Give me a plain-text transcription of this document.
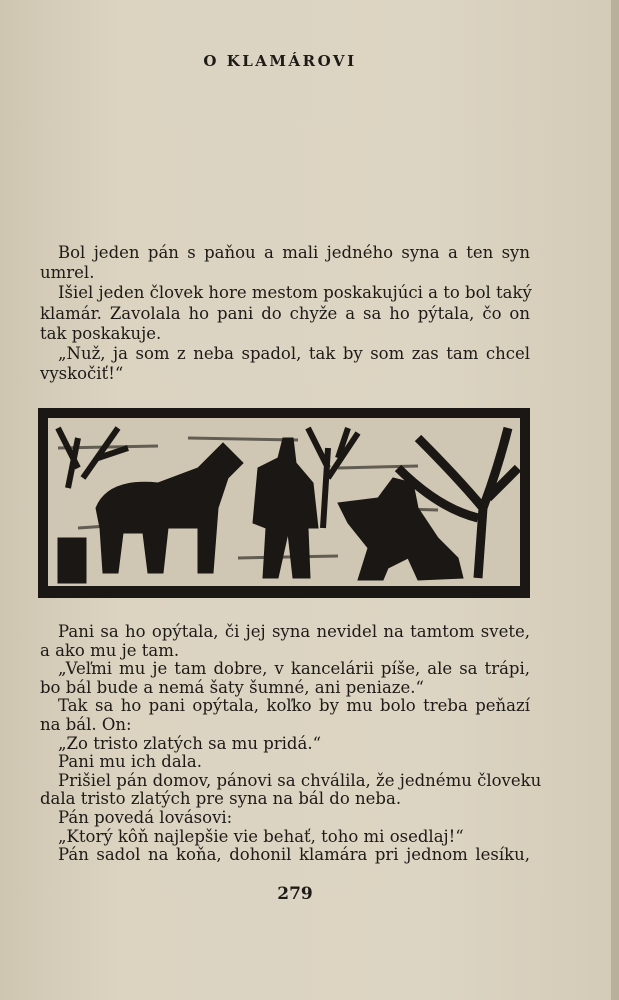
O KLAMÁROVI
Bol jeden pán s paňou a mali jedného syna a ten syn
umrel.
Išiel jeden človek hore mestom poskakujúci a to bol taký
klamár. Zavolala ho pani do chyže a sa ho pýtala, čo on
tak poskakuje.
„Nuž, ja som z neba spadol, tak by som zas tam chcel
vyskočiť!“
Pani sa ho opýtala, či jej syna nevidel na tamtom svete,
a ako mu je tam.
„Veľmi mu je tam dobre, v kancelárii píše, ale sa trápi,
bo bál bude a nemá šaty šumné, ani peniaze.“
Tak sa ho pani opýtala, koľko by mu bolo treba peňazí
na bál. On:
„Zo tristo zlatých sa mu pridá.“
Pani mu ich dala.
Prišiel pán domov, pánovi sa chválila, že jednému človeku
dala tristo zlatých pre syna na bál do neba.
Pán povedá lovásovi:
„Ktorý kôň najlepšie vie behať, toho mi osedlaj!“
Pán sadol na koňa, dohonil klamára pri jednom lesíku,
279
